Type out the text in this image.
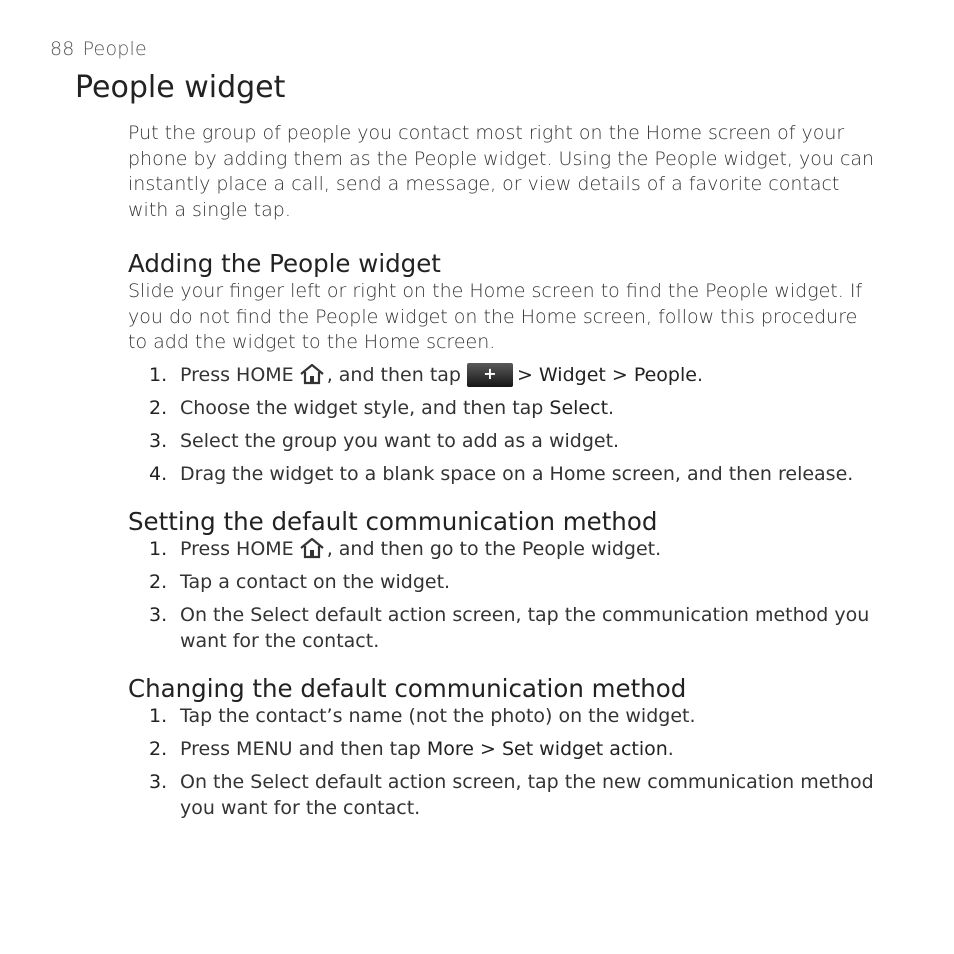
88 People
People widget

Put the group of people you contact most right on the Home screen of your phone by adding them as the People widget. Using the People widget, you can instantly place a call, send a message, or view details of a favorite contact with a single tap.

Adding the People widget

Slide your finger left or right on the Home screen to find the People widget. If you do not find the People widget on the Home screen, follow this procedure to add the widget to the Home screen.

1. Press HOME , and then tap+	> Widget > People.
2. Choose the widget style, and then tap Select.
3. Select the group you want to add as a widget.
4. Drag the widget to a blank space on a Home screen, and then release.
Setting the default communication method
1. Press HOME , and then go to the People widget.
2. Tap a contact on the widget.
3. On the Select default action screen, tap the communication method you want for the contact.
Changing the default communication method
1. Tap the contact’s name (not the photo) on the widget.
2. Press MENU and then tap More > Set widget action.
3. On the Select default action screen, tap the new communication method you want for the contact.
